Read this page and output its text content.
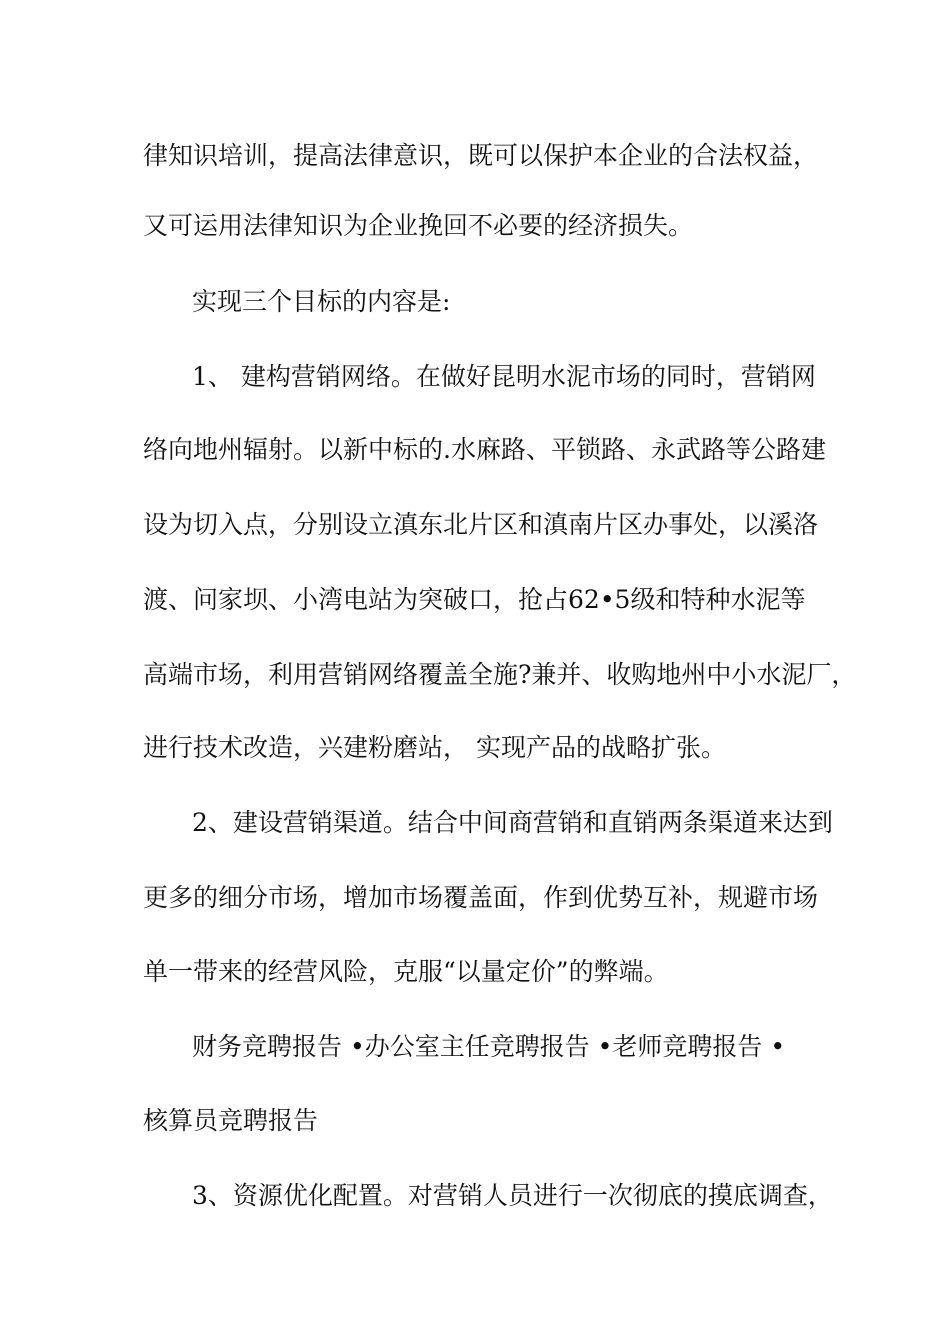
律知识培训，提高法律意识，既可以保护本企业的合法权益，
又可运用法律知识为企业挽回不必要的经济损失。
实现三个目标的内容是:
1、 建构营销网络。在做好昆明水泥市场的同时，营销网
络向地州辐射。以新中标的.水麻路、平锁路、永武路等公路建
设为切入点，分别设立滇东北片区和滇南片区办事处，以溪洛
渡、问家坝、小湾电站为突破口，抢占62•5级和特种水泥等
高端市场，利用营销网络覆盖全施?兼并、收购地州中小水泥厂，
进行技术改造，兴建粉磨站， 实现产品的战略扩张。
2、建设营销渠道。结合中间商营销和直销两条渠道来达到
更多的细分市场，增加市场覆盖面，作到优势互补，规避市场
单一带来的经营风险，克服“以量定价”的弊端。
财务竞聘报告 •办公室主任竞聘报告 •老师竞聘报告 •
核算员竞聘报告
3、资源优化配置。对营销人员进行一次彻底的摸底调查，
